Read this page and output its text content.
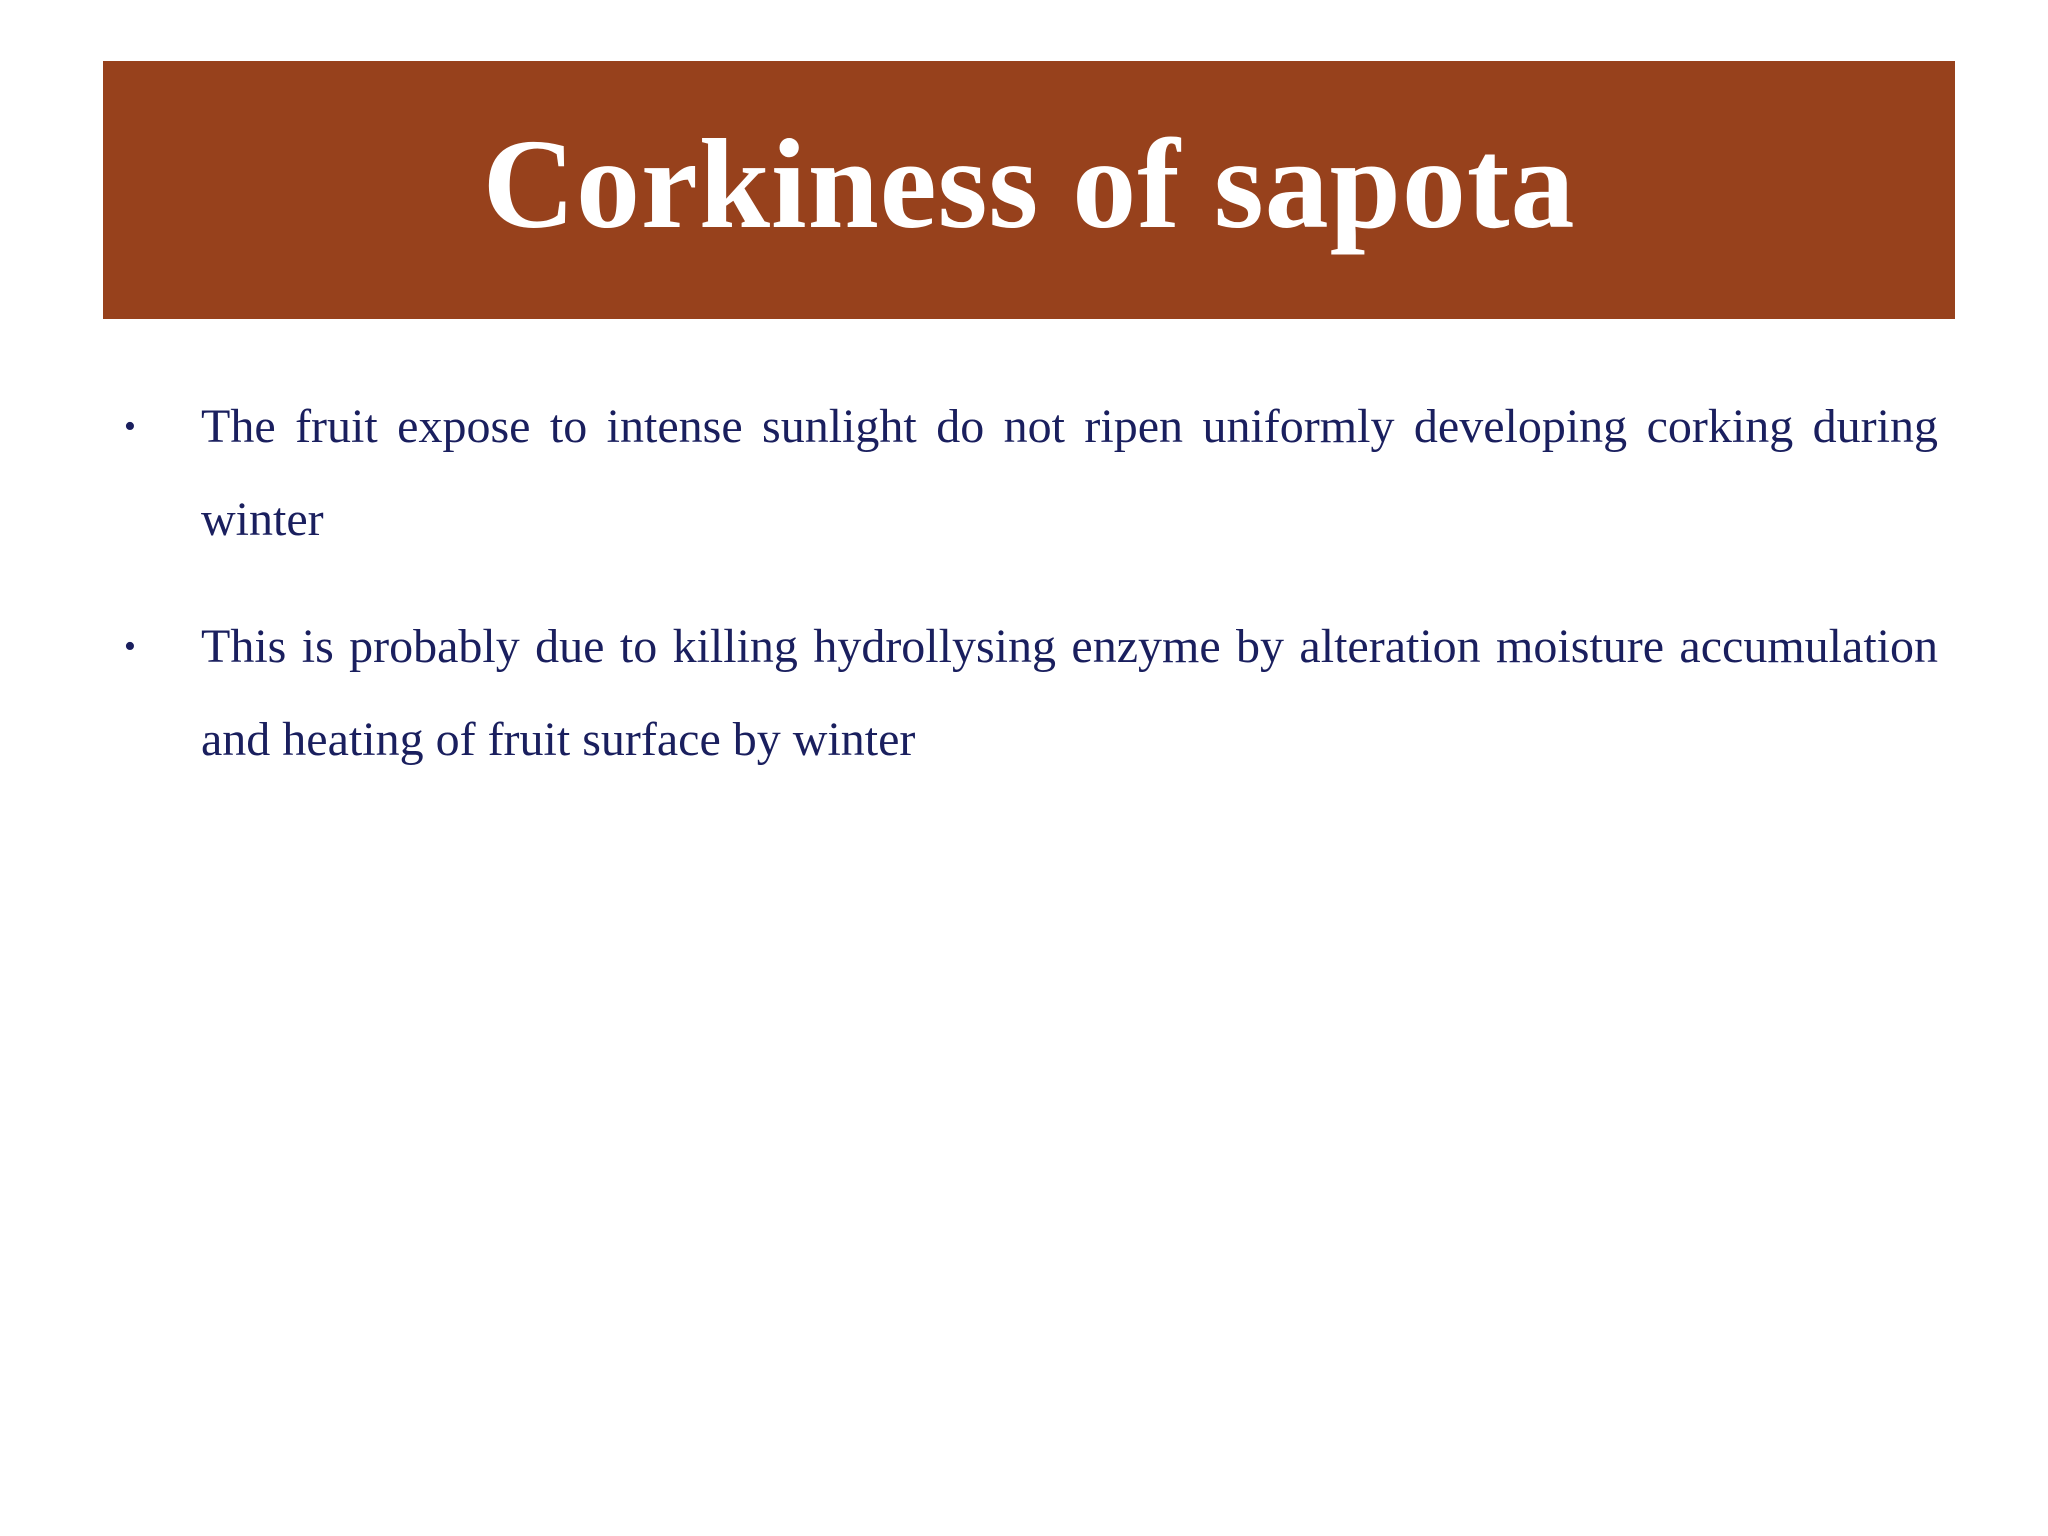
Corkiness of sapota
•	The fruit expose to intense sunlight do not ripen uniformly developing corking during winter
•	This is probably due to killing hydrollysing enzyme by alteration moisture accumulation and heating of fruit surface by winter
